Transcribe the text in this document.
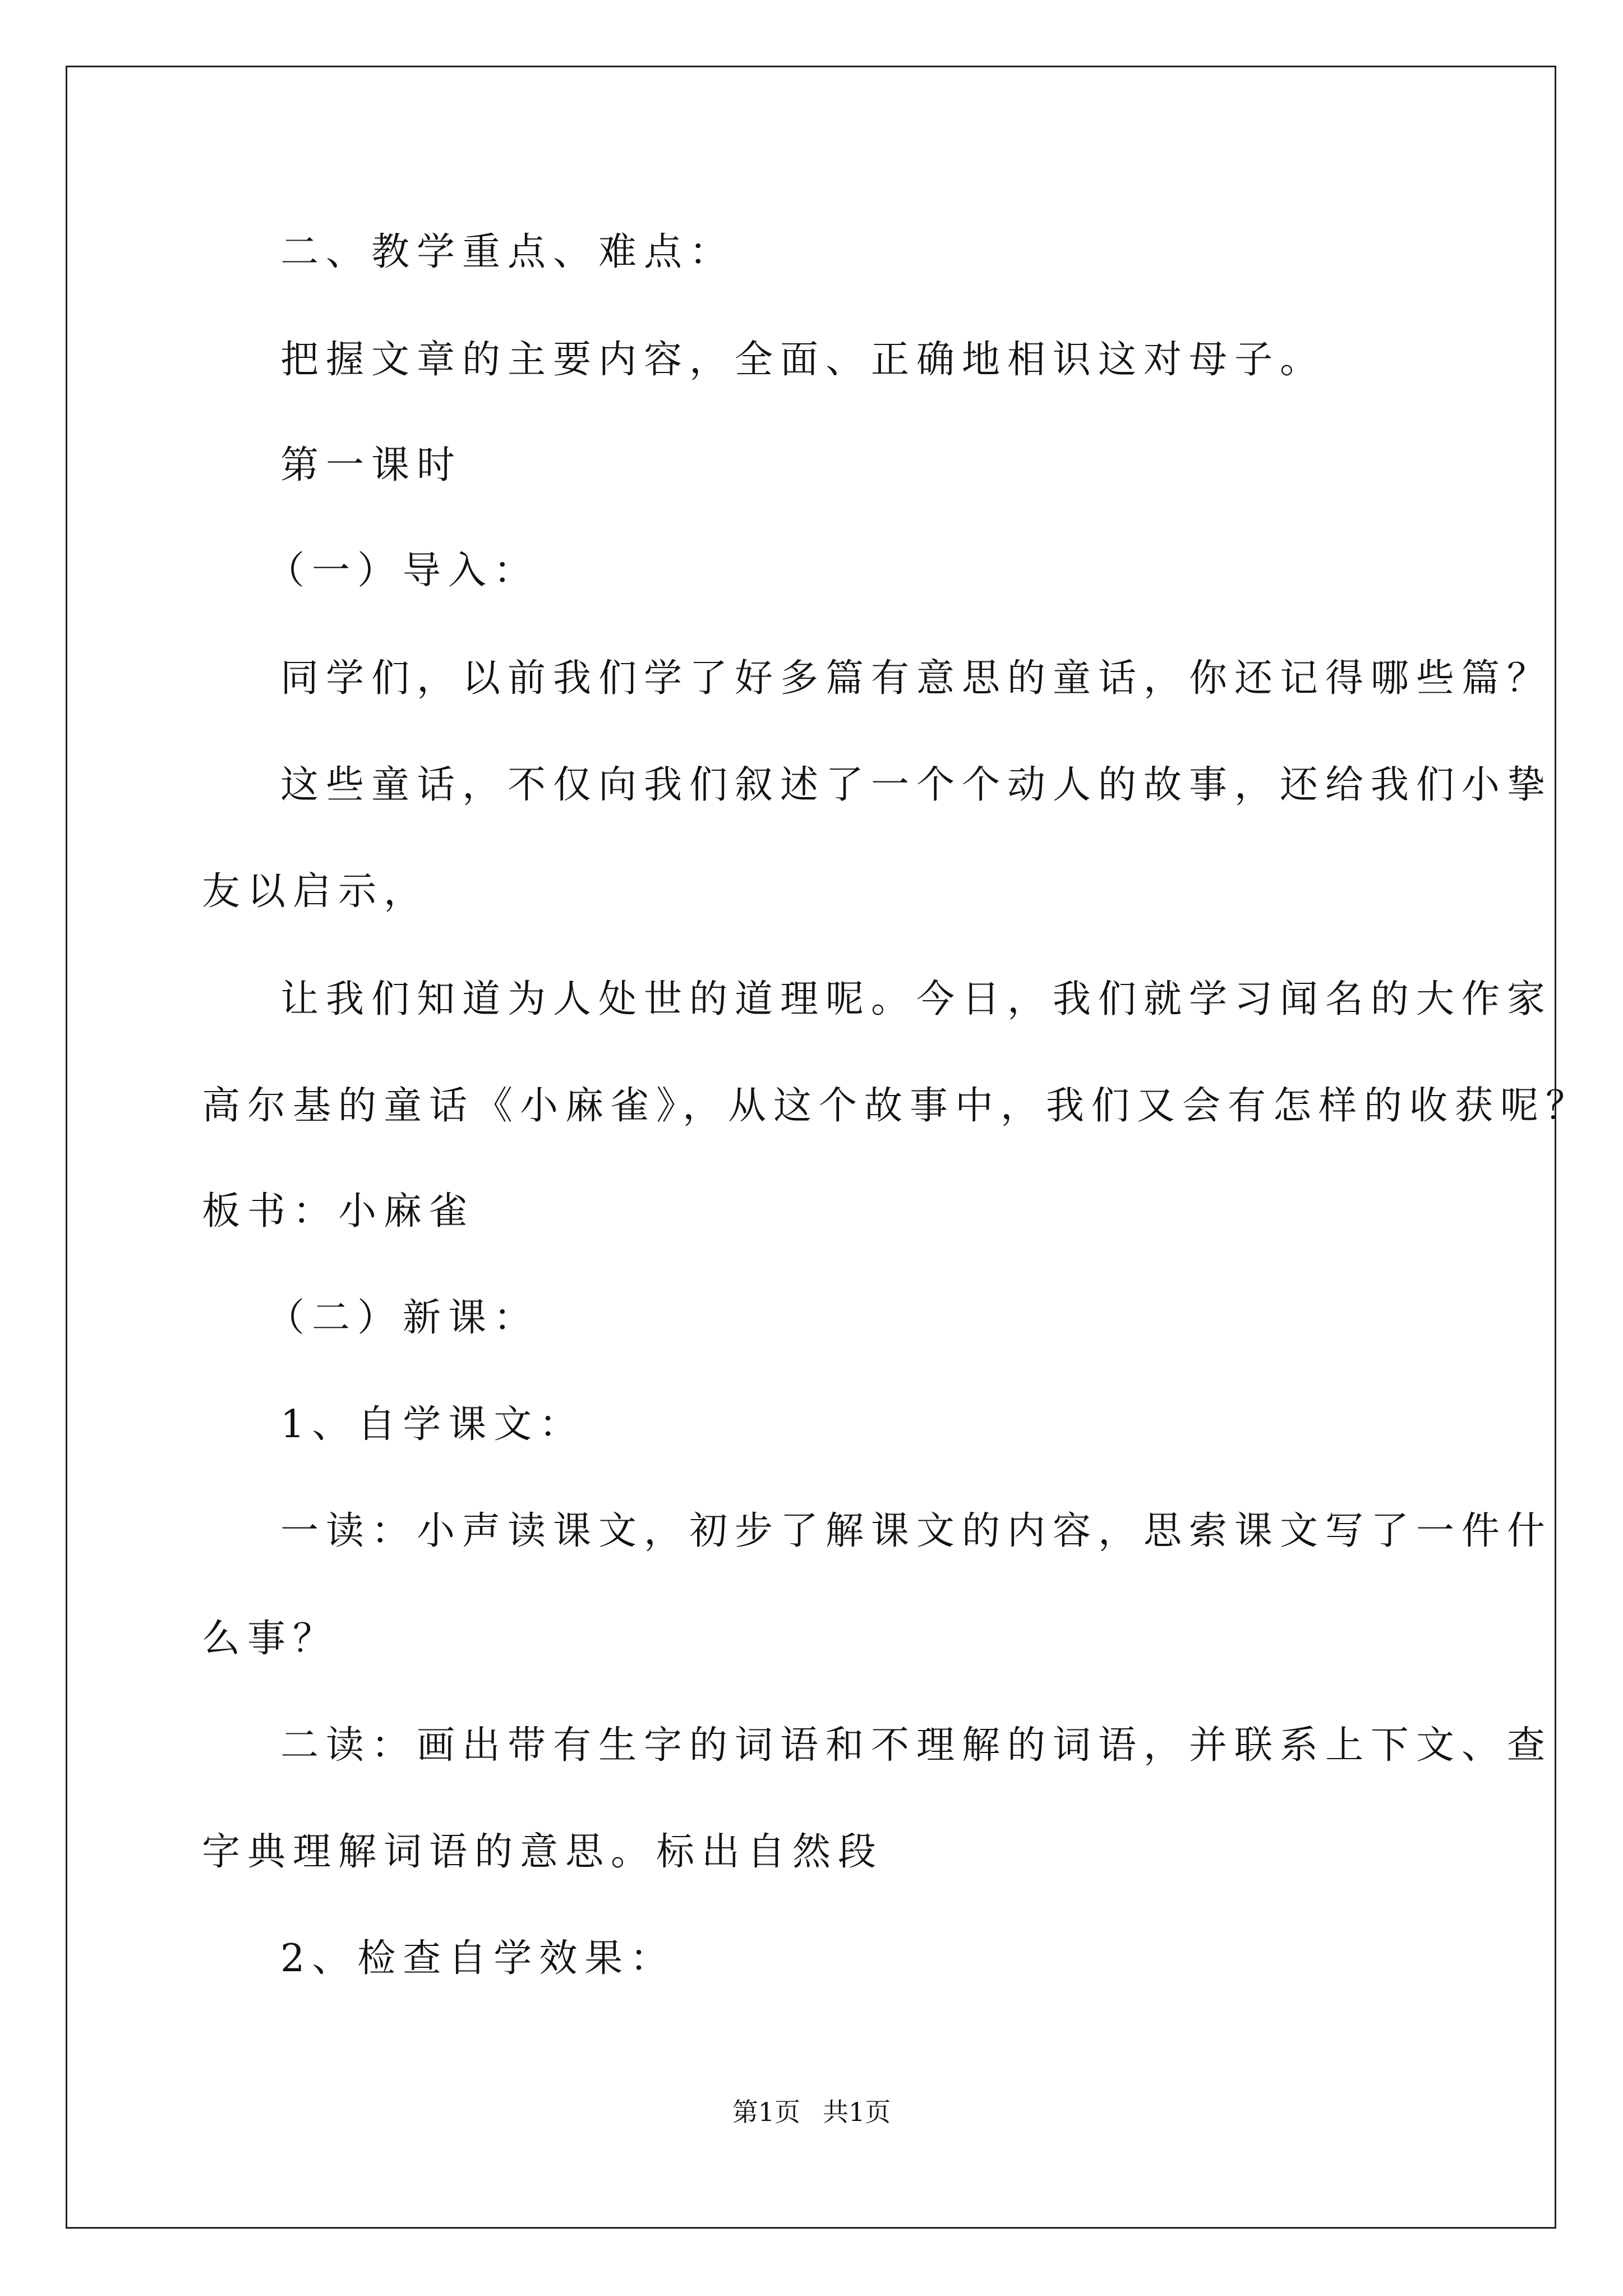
二、教学重点、难点：
把握文章的主要内容，全面、正确地相识这对母子。
第一课时
（一）导入：
同学们，以前我们学了好多篇有意思的童话，你还记得哪些篇？
这些童话，不仅向我们叙述了一个个动人的故事，还给我们小挚
友以启示，
让我们知道为人处世的道理呢。今日，我们就学习闻名的大作家
高尔基的童话《小麻雀》，从这个故事中，我们又会有怎样的收获呢？
板书：小麻雀
（二）新课：
1、自学课文：
一读：小声读课文，初步了解课文的内容，思索课文写了一件什
么事？
二读：画出带有生字的词语和不理解的词语，并联系上下文、查
字典理解词语的意思。标出自然段
2、检查自学效果：
第1页 共1页
